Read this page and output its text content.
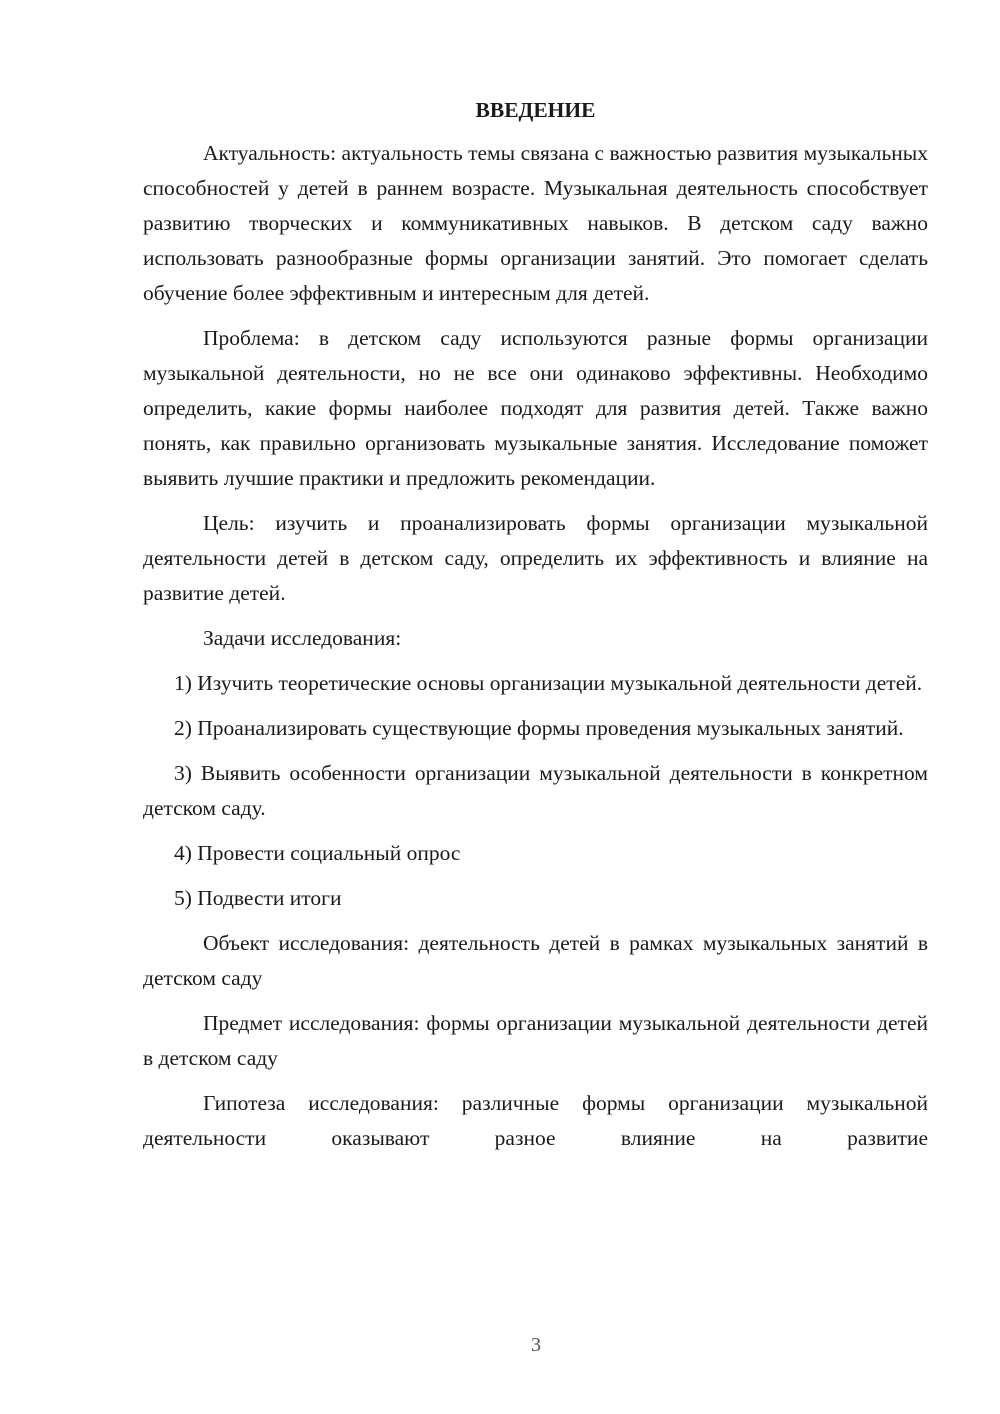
ВВЕДЕНИЕ

Актуальность: актуальность темы связана с важностью развития музыкальных способностей у детей в раннем возрасте. Музыкальная деятельность способствует развитию творческих и коммуникативных навыков. В детском саду важно использовать разнообразные формы организации занятий. Это помогает сделать обучение более эффективным и интересным для детей.

Проблема: в детском саду используются разные формы организации музыкальной деятельности, но не все они одинаково эффективны. Необходимо определить, какие формы наиболее подходят для развития детей. Также важно понять, как правильно организовать музыкальные занятия. Исследование поможет выявить лучшие практики и предложить рекомендации.

Цель: изучить и проанализировать формы организации музыкальной деятельности детей в детском саду, определить их эффективность и влияние на развитие детей.

Задачи исследования:

1) Изучить теоретические основы организации музыкальной деятельности детей.

2) Проанализировать существующие формы проведения музыкальных занятий.

3) Выявить особенности организации музыкальной деятельности в конкретном детском саду.

4) Провести социальный опрос

5) Подвести итоги

Объект исследования: деятельность детей в рамках музыкальных занятий в детском саду

Предмет исследования: формы организации музыкальной деятельности детей в детском саду

Гипотеза исследования: различные формы организации музыкальной деятельности оказывают разное влияние на развитие

3
